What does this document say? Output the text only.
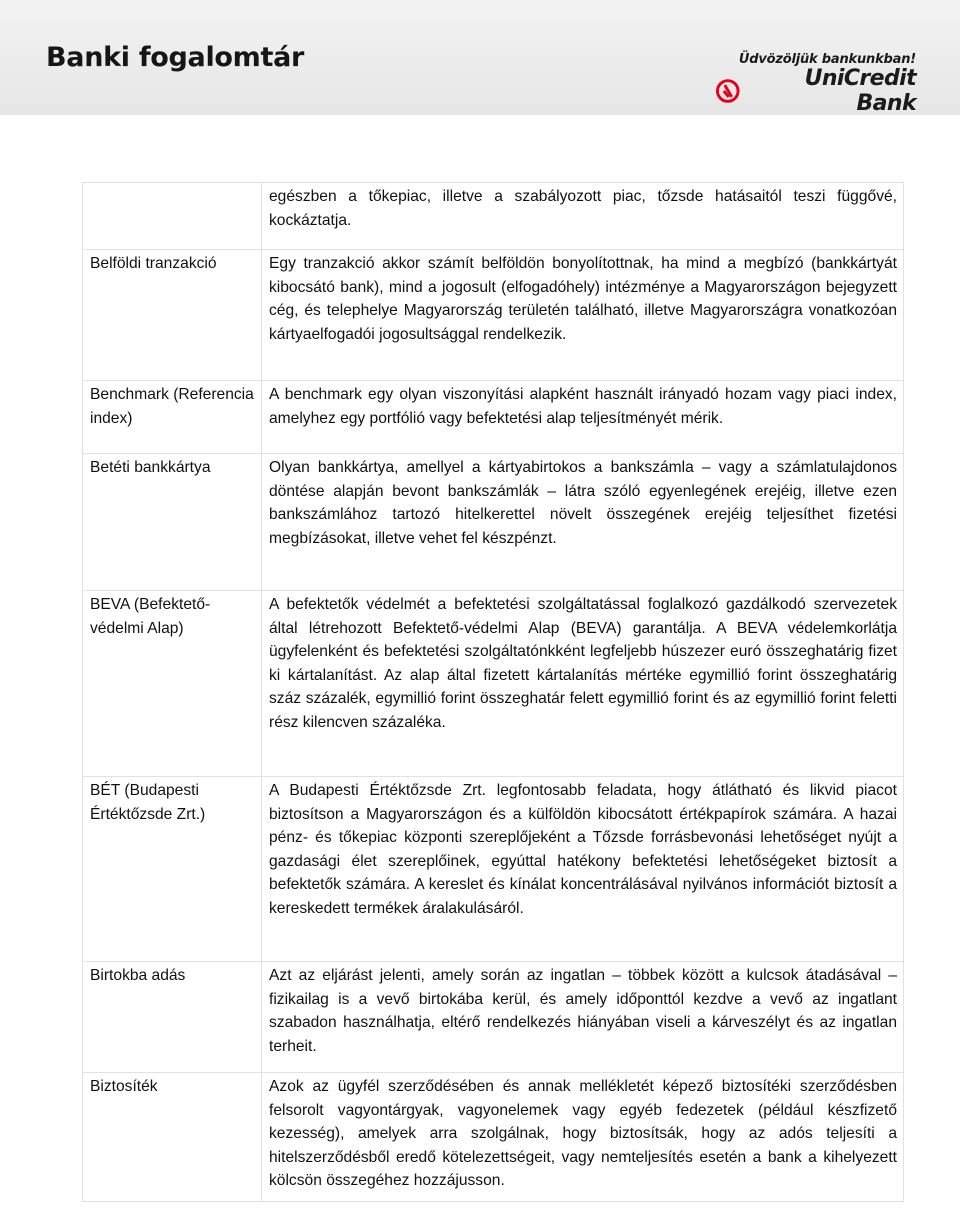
Banki fogalomtár	Üdvözöljük bankunkban!
UniCredit Bank
	egészben a tőkepiac, illetve a szabályozott piac, tőzsde hatásaitól teszi függővé, kockáztatja.
Belföldi tranzakció	Egy tranzakció akkor számít belföldön bonyolítottnak, ha mind a megbízó (bankkártyát kibocsátó bank), mind a jogosult (elfogadóhely) intézménye a Magyarországon bejegyzett cég, és telephelye Magyarország területén található, illetve Magyarországra vonatkozóan kártyaelfogadói jogosultsággal rendelkezik.
Benchmark (Referencia index)	A benchmark egy olyan viszonyítási alapként használt irányadó hozam vagy piaci index, amelyhez egy portfólió vagy befektetési alap teljesítményét mérik.
Betéti bankkártya	Olyan bankkártya, amellyel a kártyabirtokos a bankszámla – vagy a számlatulajdonos döntése alapján bevont bankszámlák – látra szóló egyenlegének erejéig, illetve ezen bankszámlához tartozó hitelkerettel növelt összegének erejéig teljesíthet fizetési megbízásokat, illetve vehet fel készpénzt.
BEVA (Befektető-védelmi Alap)	A befektetők védelmét a befektetési szolgáltatással foglalkozó gazdálkodó szervezetek által létrehozott Befektető-védelmi Alap (BEVA) garantálja. A BEVA védelemkorlátja ügyfelenként és befektetési szolgáltatónkként legfeljebb húszezer euró összeghatárig fizet ki kártalanítást. Az alap által fizetett kártalanítás mértéke egymillió forint összeghatárig száz százalék, egymillió forint összeghatár felett egymillió forint és az egymillió forint feletti rész kilencven százaléka.
BÉT (Budapesti Értéktőzsde Zrt.)	A Budapesti Értéktőzsde Zrt. legfontosabb feladata, hogy átlátható és likvid piacot biztosítson a Magyarországon és a külföldön kibocsátott értékpapírok számára. A hazai pénz- és tőkepiac központi szereplőjeként a Tőzsde forrásbevonási lehetőséget nyújt a gazdasági élet szereplőinek, egyúttal hatékony befektetési lehetőségeket biztosít a befektetők számára. A kereslet és kínálat koncentrálásával nyilvános információt biztosít a kereskedett termékek áralakulásáról.
Birtokba adás	Azt az eljárást jelenti, amely során az ingatlan – többek között a kulcsok átadásával – fizikailag is a vevő birtokába kerül, és amely időponttól kezdve a vevő az ingatlant szabadon használhatja, eltérő rendelkezés hiányában viseli a kárveszélyt és az ingatlan terheit.
Biztosíték	Azok az ügyfél szerződésében és annak mellékletét képező biztosítéki szerződésben felsorolt vagyontárgyak, vagyonelemek vagy egyéb fedezetek (például készfizető kezesség), amelyek arra szolgálnak, hogy biztosítsák, hogy az adós teljesíti a hitelszerződésből eredő kötelezettségeit, vagy nemteljesítés esetén a bank a kihelyezett kölcsön összegéhez hozzájusson.
